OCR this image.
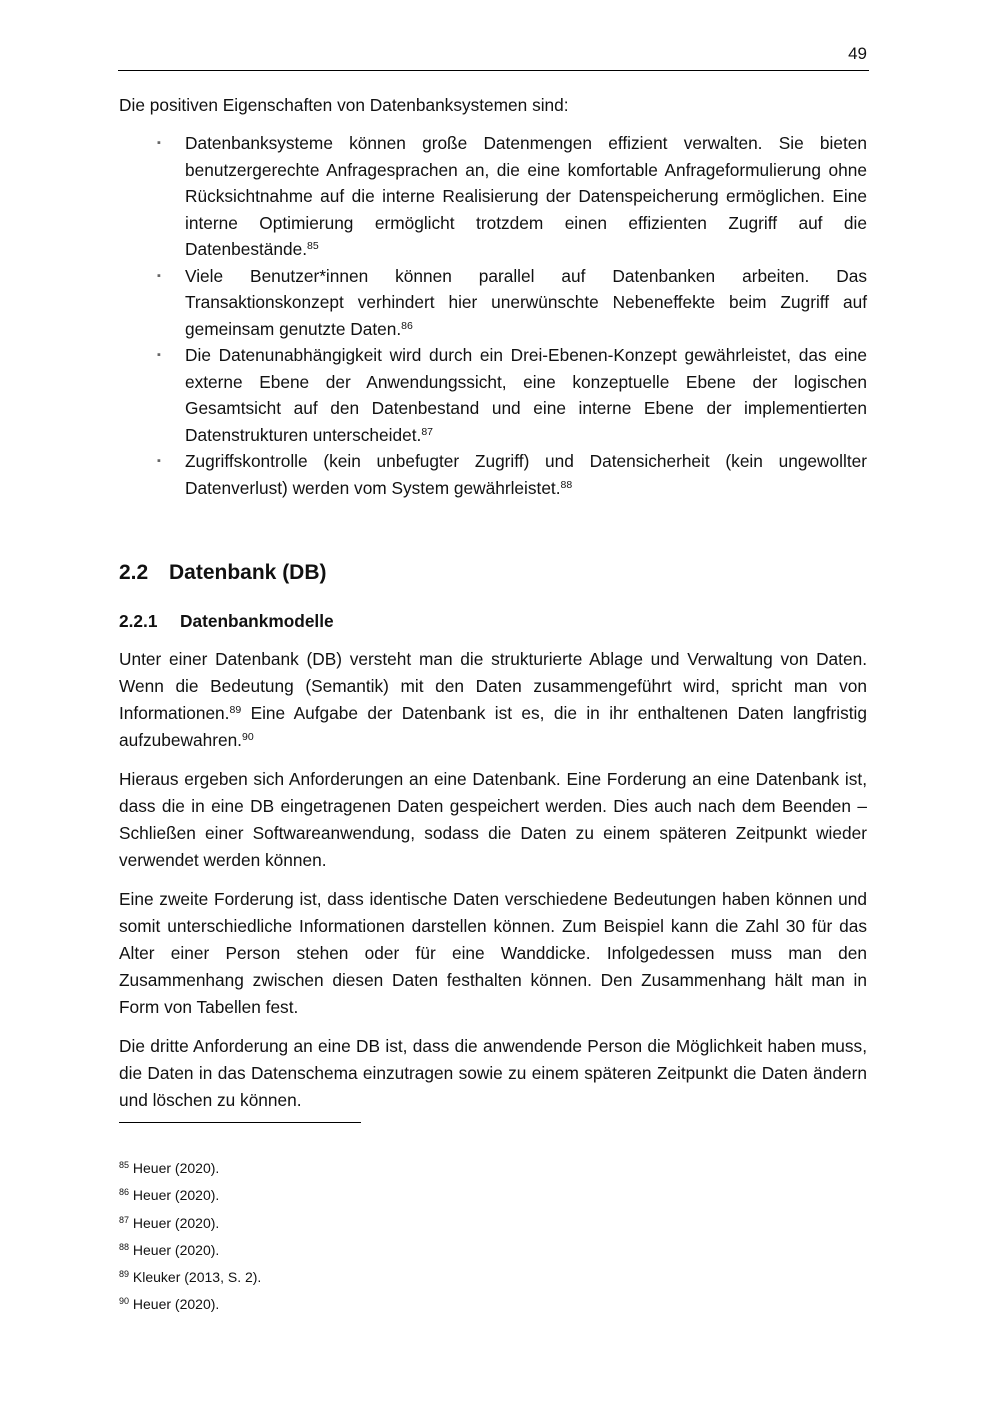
49

Die positiven Eigenschaften von Datenbanksystemen sind:

▪ Datenbanksysteme können große Datenmengen effizient verwalten. Sie bieten benutzergerechte Anfragesprachen an, die eine komfortable Anfrageformulierung ohne Rücksichtnahme auf die interne Realisierung der Datenspeicherung ermöglichen. Eine interne Optimierung ermöglicht trotzdem einen effizienten Zugriff auf die Datenbestände.$^{85}$
▪ Viele Benutzer*innen können parallel auf Datenbanken arbeiten. Das Transaktionskonzept verhindert hier unerwünschte Nebeneffekte beim Zugriff auf gemeinsam genutzte Daten.$^{86}$
▪ Die Datenunabhängigkeit wird durch ein Drei-Ebenen-Konzept gewährleistet, das eine externe Ebene der Anwendungssicht, eine konzeptuelle Ebene der logischen Gesamtsicht auf den Datenbestand und eine interne Ebene der implementierten Datenstrukturen unterscheidet.$^{87}$
▪ Zugriffskontrolle (kein unbefugter Zugriff) und Datensicherheit (kein ungewollter Datenverlust) werden vom System gewährleistet.$^{88}$
2.2 Datenbank (DB)
2.2.1 Datenbankmodelle

Unter einer Datenbank (DB) versteht man die strukturierte Ablage und Verwaltung von Daten. Wenn die Bedeutung (Semantik) mit den Daten zusammengeführt wird, spricht man von Informationen.$^{89}$ Eine Aufgabe der Datenbank ist es, die in ihr enthaltenen Daten langfristig aufzubewahren.$^{90}$

Hieraus ergeben sich Anforderungen an eine Datenbank. Eine Forderung an eine Datenbank ist, dass die in eine DB eingetragenen Daten gespeichert werden. Dies auch nach dem Beenden – Schließen einer Softwareanwendung, sodass die Daten zu einem späteren Zeitpunkt wieder verwendet werden können.

Eine zweite Forderung ist, dass identische Daten verschiedene Bedeutungen haben können und somit unterschiedliche Informationen darstellen können. Zum Beispiel kann die Zahl 30 für das Alter einer Person stehen oder für eine Wanddicke. Infolgedessen muss man den Zusammenhang zwischen diesen Daten festhalten können. Den Zusammenhang hält man in Form von Tabellen fest.

Die dritte Anforderung an eine DB ist, dass die anwendende Person die Möglichkeit haben muss, die Daten in das Datenschema einzutragen sowie zu einem späteren Zeitpunkt die Daten ändern und löschen zu können.

$^{85}$ Heuer (2020).
$^{86}$ Heuer (2020).
$^{87}$ Heuer (2020).
$^{88}$ Heuer (2020).
$^{89}$ Kleuker (2013, S. 2).
$^{90}$ Heuer (2020).
